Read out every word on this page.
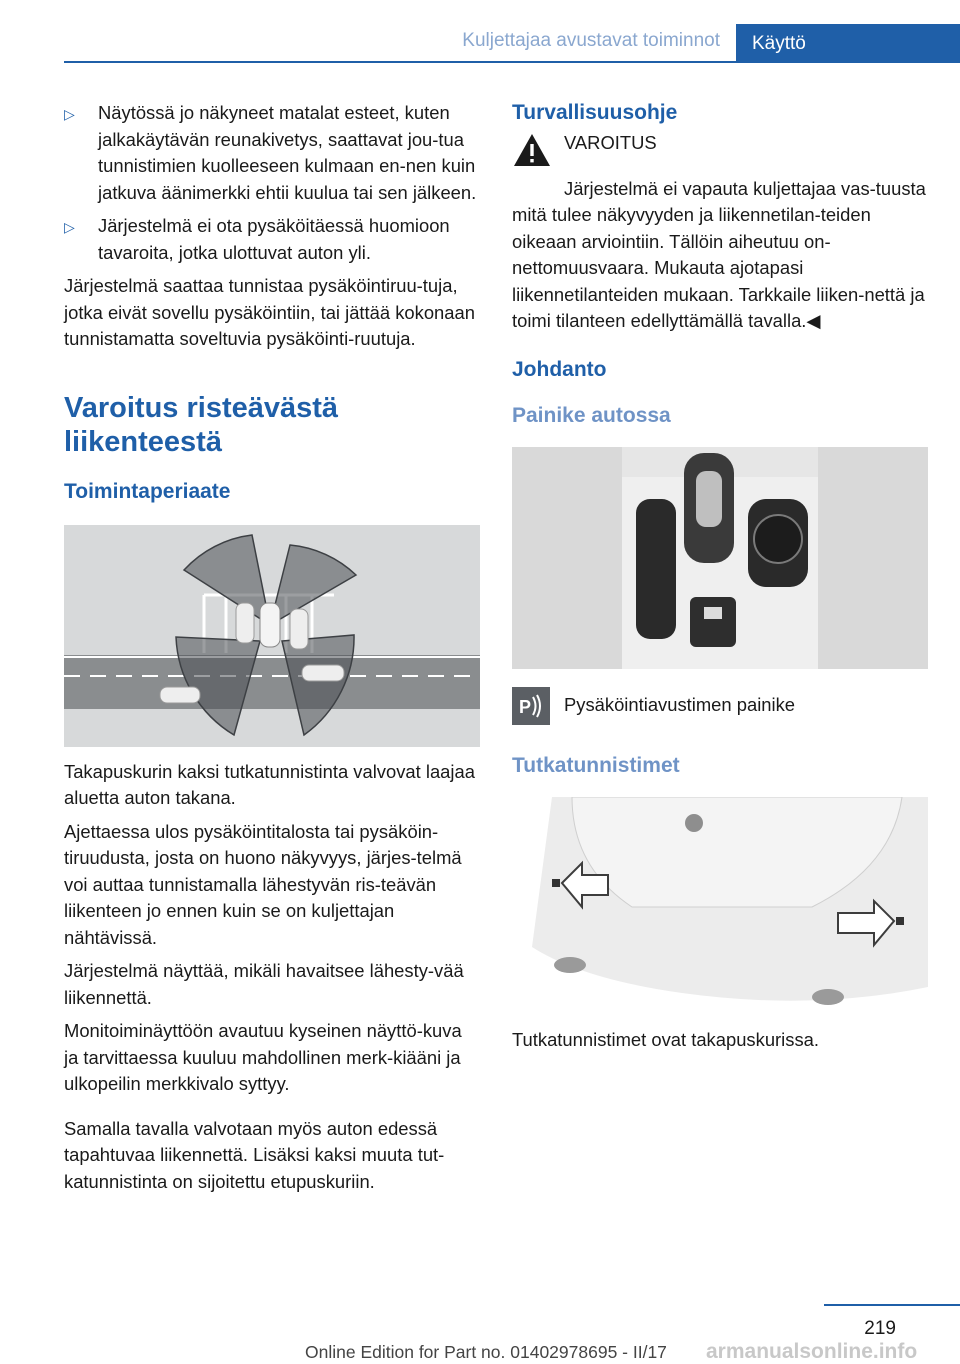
Kuljettajaa avustavat toiminnot	Käyttö
▷	Näytössä jo näkyneet matalat esteet, kuten jalkakäytävän reunakivetys, saattavat jou‐tua tunnistimien kuolleeseen kulmaan en‐nen kuin jatkuva äänimerkki ehtii kuulua tai sen jälkeen.
▷	Järjestelmä ei ota pysäköitäessä huomioon tavaroita, jotka ulottuvat auton yli.

Järjestelmä saattaa tunnistaa pysäköintiruu‐tuja, jotka eivät sovellu pysäköintiin, tai jättää kokonaan tunnistamatta soveltuvia pysäköinti‐ruutuja.

Varoitus risteävästä liikenteestä
Toimintaperiaate

Takapuskurin kaksi tutkatunnistinta valvovat laajaa aluetta auton takana.

Ajettaessa ulos pysäköintitalosta tai pysäköin‐tiruudusta, josta on huono näkyvyys, järjes‐telmä voi auttaa tunnistamalla lähestyvän ris‐teävän liikenteen jo ennen kuin se on kuljettajan nähtävissä.

Järjestelmä näyttää, mikäli havaitsee lähesty‐vää liikennettä.

Monitoiminäyttöön avautuu kyseinen näyttö‐kuva ja tarvittaessa kuuluu mahdollinen merk‐kiääni ja ulkopeilin merkkivalo syttyy.

Samalla tavalla valvotaan myös auton edessä tapahtuvaa liikennettä. Lisäksi kaksi muuta tut‐katunnistinta on sijoitettu etupuskuriin.

Turvallisuusohje
VAROITUS

Järjestelmä ei vapauta kuljettajaa vas‐tuusta mitä tulee näkyvyyden ja liikennetilan‐teiden oikeaan arviointiin. Tällöin aiheutuu on‐nettomuusvaara. Mukauta ajotapasi liikennetilanteiden mukaan. Tarkkaile liiken‐nettä ja toimi tilanteen edellyttämällä tavalla.◀

Johdanto
Painike autossa
P Pysäköintiavustimen painike
Tutkatunnistimet

Tutkatunnistimet ovat takapuskurissa.

219
Online Edition for Part no. 01402978695 - II/17 armanualsonline.info
